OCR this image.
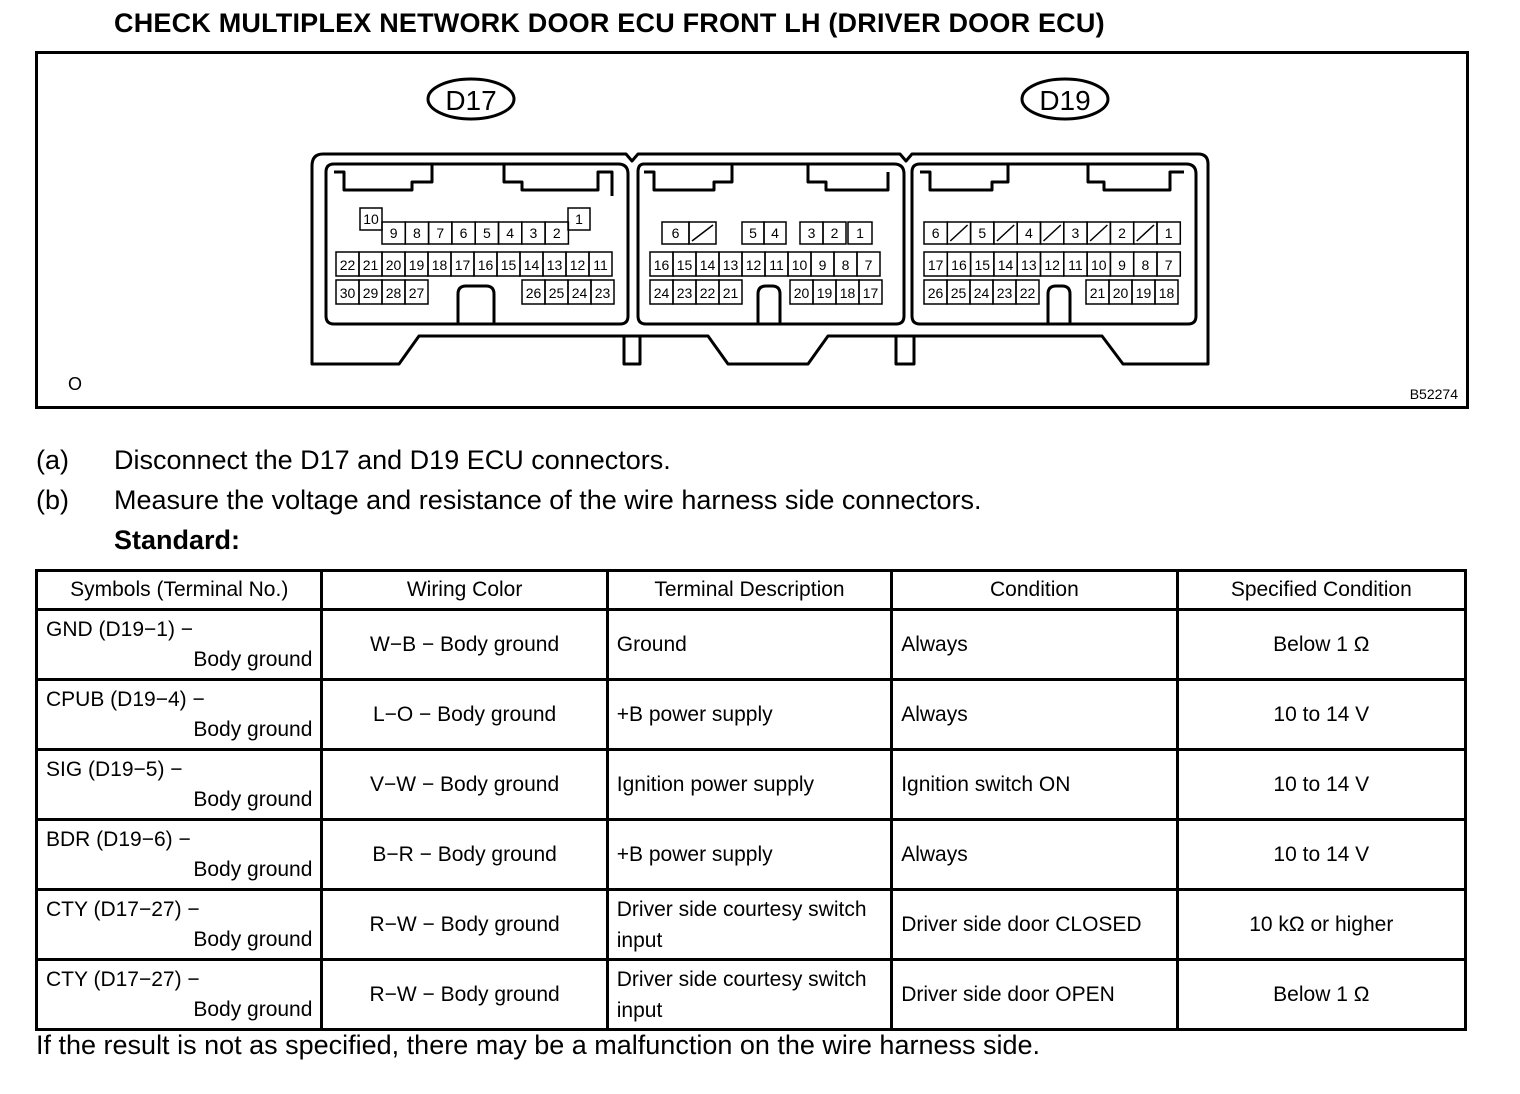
CHECK MULTIPLEX NETWORK DOOR ECU FRONT LH (DRIVER DOOR ECU)
10	1
9 8 7 6 5 4 3 2
22 21 20 19 18 17 16 15 14 13 12 11
30 29 28 27	26 25 24 23
6	5 4 3 2 1
16 15 14 13 12 11 10 9 8 7
24 23 22 21	20 19 18 17
6	5	4	3	2	1
17 16 15 14 13 12 11 10 9 8 7
26 25 24 23 22	21 20 19 18
D17	D19
O	B52274
(a) Disconnect the D17 and D19 ECU connectors.
(b) Measure the voltage and resistance of the wire harness side connectors.
Standard:
Symbols (Terminal No.)	Wiring Color	Terminal Description	Condition	Specified Condition

GND (D19−1) −
Body ground	W−B − Body ground	Ground	Always	Below 1 Ω

CPUB (D19−4) −
Body ground	L−O − Body ground	+B power supply	Always	10 to 14 V

SIG (D19−5) −
Body ground	V−W − Body ground	Ignition power supply	Ignition switch ON	10 to 14 V

BDR (D19−6) −
Body ground	B−R − Body ground	+B power supply	Always	10 to 14 V

CTY (D17−27) −
Body ground	R−W − Body ground	Driver side courtesy switch input	Driver side door CLOSED	10 kΩ or higher

CTY (D17−27) −
Body ground	R−W − Body ground	Driver side courtesy switch input	Driver side door OPEN	Below 1 Ω
If the result is not as specified, there may be a malfunction on the wire harness side.
